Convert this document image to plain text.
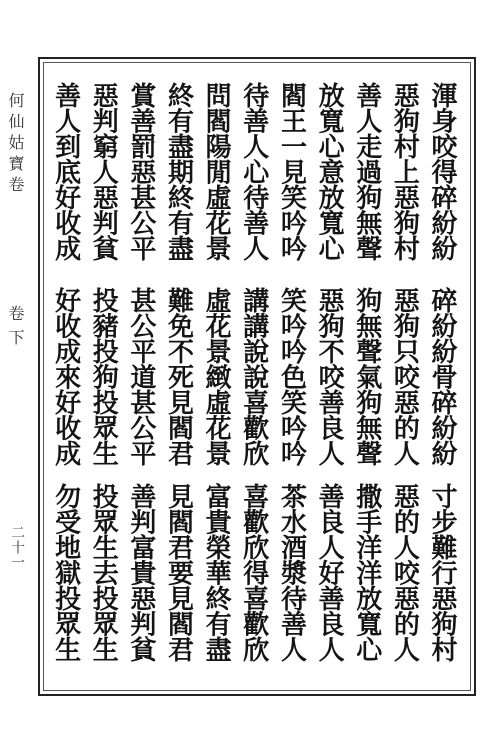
何仙姑寶卷
卷下
二十一
渾身咬得碎紛紛
惡狗村上惡狗村
善人走過狗無聲
放寬心意放寬心
閻王一見笑吟吟
待善人心待善人
問閻陽閒虛花景
終有盡期終有盡
賞善罰惡甚公平
惡判窮人惡判貧
善人到底好收成
碎紛紛骨碎紛紛
惡狗只咬惡的人
狗無聲氣狗無聲
惡狗不咬善良人
笑吟吟色笑吟吟
講講說說喜歡欣
虛花景緻虛花景
難免不死見閻君
甚公平道甚公平
投豬投狗投眾生
好收成來好收成
寸步難行惡狗村
惡的人咬惡的人
撒手洋洋放寬心
善良人好善良人
茶水酒漿待善人
喜歡欣得喜歡欣
富貴榮華終有盡
見閻君要見閻君
善判富貴惡判貧
投眾生去投眾生
勿受地獄投眾生
